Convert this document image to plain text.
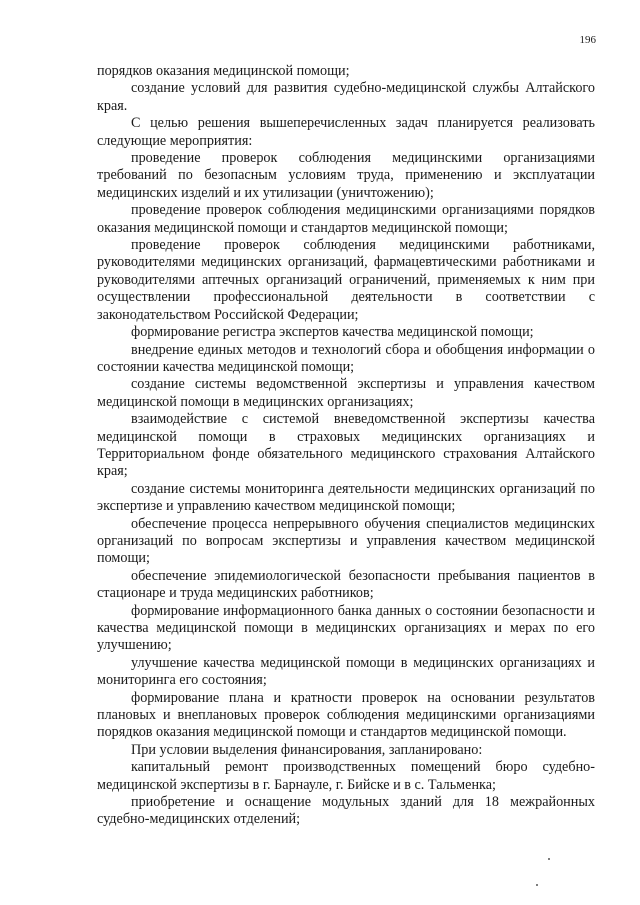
196

порядков оказания медицинской помощи;

создание условий для развития судебно-медицинской службы Алтайского края.

С целью решения вышеперечисленных задач планируется реализовать следующие мероприятия:

проведение проверок соблюдения медицинскими организациями требований по безопасным условиям труда, применению и эксплуатации медицинских изделий и их утилизации (уничтожению);

проведение проверок соблюдения медицинскими организациями порядков оказания медицинской помощи и стандартов медицинской помощи;

проведение проверок соблюдения медицинскими работниками, руководителями медицинских организаций, фармацевтическими работниками и руководителями аптечных организаций ограничений, применяемых к ним при осуществлении профессиональной деятельности в соответствии с законодательством Российской Федерации;

формирование регистра экспертов качества медицинской помощи;

внедрение единых методов и технологий сбора и обобщения информации о состоянии качества медицинской помощи;

создание системы ведомственной экспертизы и управления качеством медицинской помощи в медицинских организациях;

взаимодействие с системой вневедомственной экспертизы качества медицинской помощи в страховых медицинских организациях и Территориальном фонде обязательного медицинского страхования Алтайского края;

создание системы мониторинга деятельности медицинских организаций по экспертизе и управлению качеством медицинской помощи;

обеспечение процесса непрерывного обучения специалистов медицинских организаций по вопросам экспертизы и управления качеством медицинской помощи;

обеспечение эпидемиологической безопасности пребывания пациентов в стационаре и труда медицинских работников;

формирование информационного банка данных о состоянии безопасности и качества медицинской помощи в медицинских организациях и мерах по его улучшению;

улучшение качества медицинской помощи в медицинских организациях и мониторинга его состояния;

формирование плана и кратности проверок на основании результатов плановых и внеплановых проверок соблюдения медицинскими организациями порядков оказания медицинской помощи и стандартов медицинской помощи.

При условии выделения финансирования, запланировано:

капитальный ремонт производственных помещений бюро судебно-медицинской экспертизы в г. Барнауле, г. Бийске и в с. Тальменка;

приобретение и оснащение модульных зданий для 18 межрайонных судебно-медицинских отделений;
